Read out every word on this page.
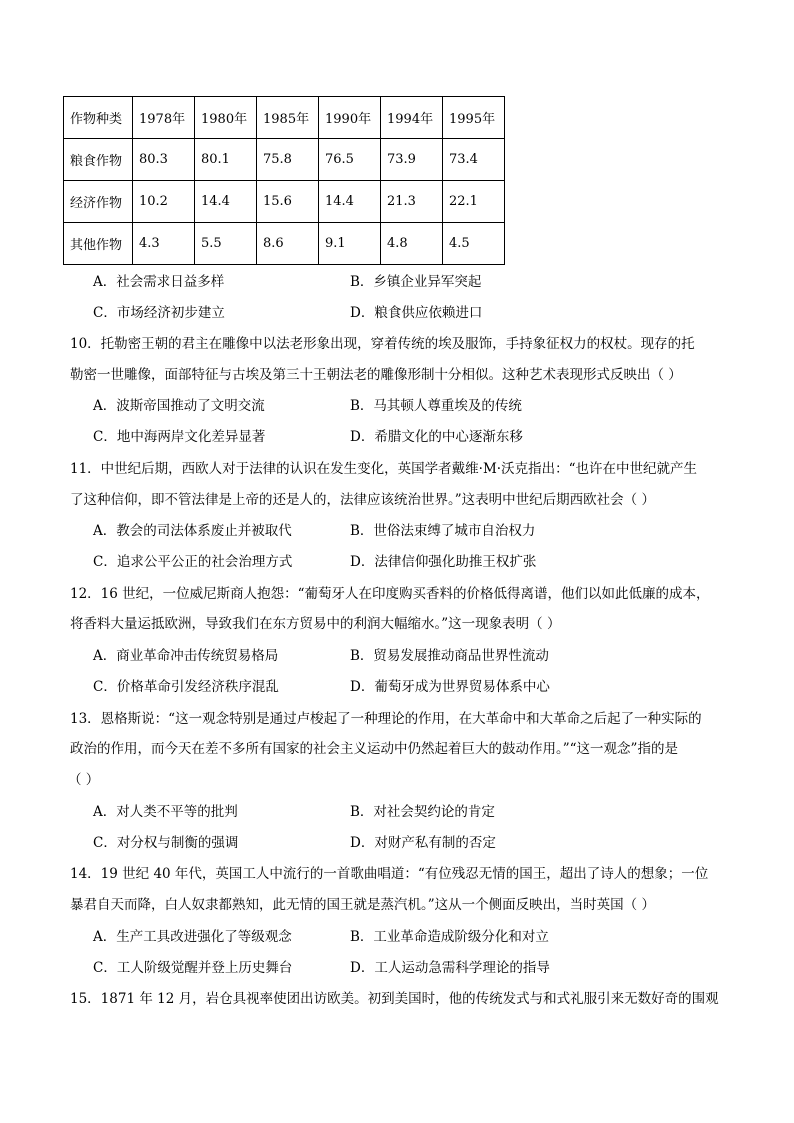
作物种类	1978年	1980年	1985年	1990年	1994年	1995年
粮食作物	80.3	80.1	75.8	76.5	73.9	73.4
经济作物	10.2	14.4	15.6	14.4	21.3	22.1
其他作物	4.3	5.5	8.6	9.1	4.8	4.5
A．社会需求日益多样	B．乡镇企业异军突起
C．市场经济初步建立	D．粮食供应依赖进口
10．托勒密王朝的君主在雕像中以法老形象出现，穿着传统的埃及服饰，手持象征权力的权杖。现存的托
勒密一世雕像，面部特征与古埃及第三十王朝法老的雕像形制十分相似。这种艺术表现形式反映出（ ）
A．波斯帝国推动了文明交流	B．马其顿人尊重埃及的传统
C．地中海两岸文化差异显著	D．希腊文化的中心逐渐东移
11．中世纪后期，西欧人对于法律的认识在发生变化，英国学者戴维·M·沃克指出：“也许在中世纪就产生
了这种信仰，即不管法律是上帝的还是人的，法律应该统治世界。”这表明中世纪后期西欧社会（ ）
A．教会的司法体系废止并被取代	B．世俗法束缚了城市自治权力
C．追求公平公正的社会治理方式	D．法律信仰强化助推王权扩张
12．16 世纪，一位威尼斯商人抱怨：“葡萄牙人在印度购买香料的价格低得离谱，他们以如此低廉的成本，
将香料大量运抵欧洲，导致我们在东方贸易中的利润大幅缩水。”这一现象表明（ ）
A．商业革命冲击传统贸易格局	B．贸易发展推动商品世界性流动
C．价格革命引发经济秩序混乱	D．葡萄牙成为世界贸易体系中心
13．恩格斯说：“这一观念特别是通过卢梭起了一种理论的作用，在大革命中和大革命之后起了一种实际的
政治的作用，而今天在差不多所有国家的社会主义运动中仍然起着巨大的鼓动作用。”“这一观念”指的是
（ ）
A．对人类不平等的批判	B．对社会契约论的肯定
C．对分权与制衡的强调	D．对财产私有制的否定
14．19 世纪 40 年代，英国工人中流行的一首歌曲唱道：“有位残忍无情的国王，超出了诗人的想象；一位
暴君自天而降，白人奴隶都熟知，此无情的国王就是蒸汽机。”这从一个侧面反映出，当时英国（ ）
A．生产工具改进强化了等级观念	B．工业革命造成阶级分化和对立
C．工人阶级觉醒并登上历史舞台	D．工人运动急需科学理论的指导
15．1871 年 12 月，岩仓具视率使团出访欧美。初到美国时，他的传统发式与和式礼服引来无数好奇的围观
